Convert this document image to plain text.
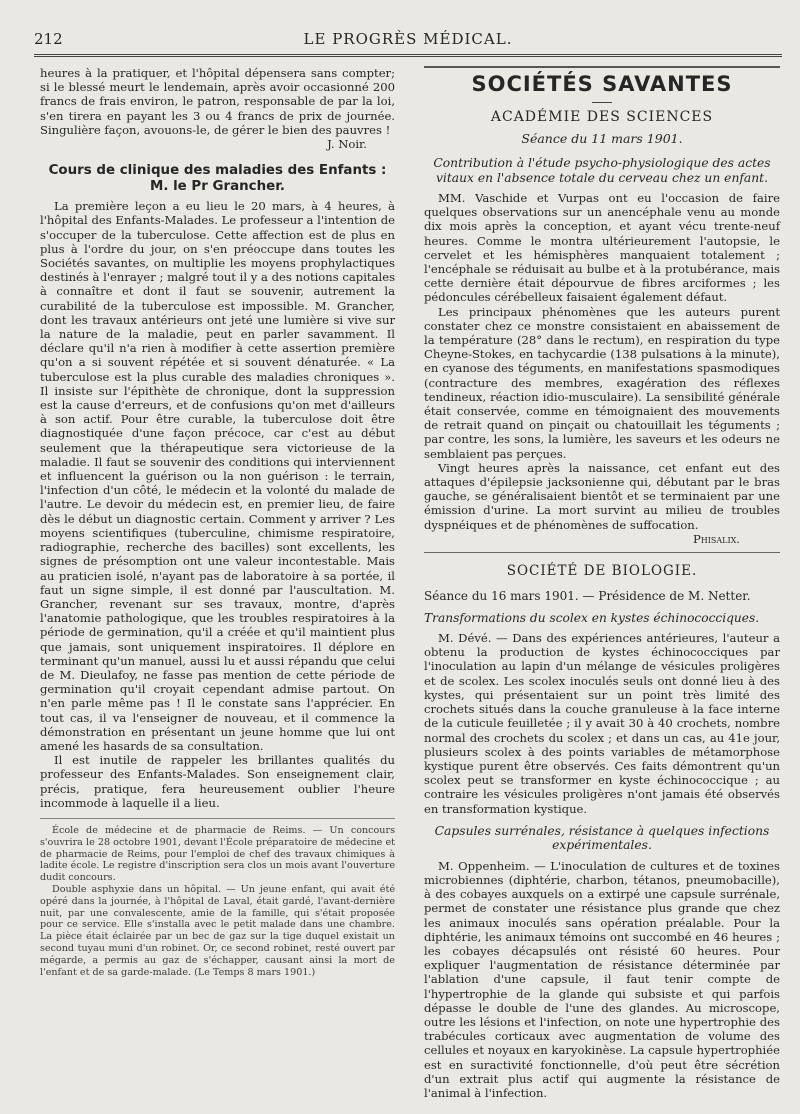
212	LE PROGRÈS MÉDICAL.

heures à la pratiquer, et l'hôpital dépensera sans compter; si le blessé meurt le lendemain, après avoir occasionné 200 francs de frais environ, le patron, responsable de par la loi, s'en tirera en payant les 3 ou 4 francs de prix de journée. Singulière façon, avouons-le, de gérer le bien des pauvres !

J. Noir.

Cours de clinique des maladies des Enfants :
M. le Pr Grancher.

La première leçon a eu lieu le 20 mars, à 4 heures, à l'hôpital des Enfants-Malades. Le professeur a l'intention de s'occuper de la tuberculose. Cette affection est de plus en plus à l'ordre du jour, on s'en préoccupe dans toutes les Sociétés savantes, on multiplie les moyens prophylactiques destinés à l'enrayer ; malgré tout il y a des notions capitales à connaître et dont il faut se souvenir, autrement la curabilité de la tuberculose est impossible. M. Grancher, dont les travaux antérieurs ont jeté une lumière si vive sur la nature de la maladie, peut en parler savamment. Il déclare qu'il n'a rien à modifier à cette assertion première qu'on a si souvent répétée et si souvent dénaturée. « La tuberculose est la plus curable des maladies chroniques ». Il insiste sur l'épithète de chronique, dont la suppression est la cause d'erreurs, et de confusions qu'on met d'ailleurs à son actif. Pour être curable, la tuberculose doit être diagnostiquée d'une façon précoce, car c'est au début seulement que la thérapeutique sera victorieuse de la maladie. Il faut se souvenir des conditions qui interviennent et influencent la guérison ou la non guérison : le terrain, l'infection d'un côté, le médecin et la volonté du malade de l'autre. Le devoir du médecin est, en premier lieu, de faire dès le début un diagnostic certain. Comment y arriver ? Les moyens scientifiques (tuberculine, chimisme respiratoire, radiographie, recherche des bacilles) sont excellents, les signes de présomption ont une valeur incontestable. Mais au praticien isolé, n'ayant pas de laboratoire à sa portée, il faut un signe simple, il est donné par l'auscultation. M. Grancher, revenant sur ses travaux, montre, d'après l'anatomie pathologique, que les troubles respiratoires à la période de germination, qu'il a créée et qu'il maintient plus que jamais, sont uniquement inspiratoires. Il déplore en terminant qu'un manuel, aussi lu et aussi répandu que celui de M. Dieulafoy, ne fasse pas mention de cette période de germination qu'il croyait cependant admise partout. On n'en parle même pas ! Il le constate sans l'apprécier. En tout cas, il va l'enseigner de nouveau, et il commence la démonstration en présentant un jeune homme que lui ont amené les hasards de sa consultation.

Il est inutile de rappeler les brillantes qualités du professeur des Enfants-Malades. Son enseignement clair, précis, pratique, fera heureusement oublier l'heure incommode à laquelle il a lieu.

École de médecine et de pharmacie de Reims. — Un concours s'ouvrira le 28 octobre 1901, devant l'École préparatoire de médecine et de pharmacie de Reims, pour l'emploi de chef des travaux chimiques à ladite école. Le registre d'inscription sera clos un mois avant l'ouverture dudit concours.

Double asphyxie dans un hôpital. — Un jeune enfant, qui avait été opéré dans la journée, à l'hôpital de Laval, était gardé, l'avant-dernière nuit, par une convalescente, amie de la famille, qui s'était proposée pour ce service. Elle s'installa avec le petit malade dans une chambre. La pièce était éclairée par un bec de gaz sur la tige duquel existait un second tuyau muni d'un robinet. Or, ce second robinet, resté ouvert par mégarde, a permis au gaz de s'échapper, causant ainsi la mort de l'enfant et de sa garde-malade. (Le Temps 8 mars 1901.)

SOCIÉTÉS SAVANTES

ACADÉMIE DES SCIENCES

Séance du 11 mars 1901.

Contribution à l'étude psycho-physiologique des actes vitaux en l'absence totale du cerveau chez un enfant.

MM. Vaschide et Vurpas ont eu l'occasion de faire quelques observations sur un anencéphale venu au monde dix mois après la conception, et ayant vécu trente-neuf heures. Comme le montra ultérieurement l'autopsie, le cervelet et les hémisphères manquaient totalement ; l'encéphale se réduisait au bulbe et à la protubérance, mais cette dernière était dépourvue de fibres arciformes ; les pédoncules cérébelleux faisaient également défaut.

Les principaux phénomènes que les auteurs purent constater chez ce monstre consistaient en abaissement de la température (28° dans le rectum), en respiration du type Cheyne-Stokes, en tachycardie (138 pulsations à la minute), en cyanose des téguments, en manifestations spasmodiques (contracture des membres, exagération des réflexes tendineux, réaction idio-musculaire). La sensibilité générale était conservée, comme en témoignaient des mouvements de retrait quand on pinçait ou chatouillait les téguments ; par contre, les sons, la lumière, les saveurs et les odeurs ne semblaient pas perçues.

Vingt heures après la naissance, cet enfant eut des attaques d'épilepsie jacksonienne qui, débutant par le bras gauche, se généralisaient bientôt et se terminaient par une émission d'urine. La mort survint au milieu de troubles dyspnéiques et de phénomènes de suffocation.

Phisalix.

SOCIÉTÉ DE BIOLOGIE.

Séance du 16 mars 1901. — Présidence de M. Netter.

Transformations du scolex en kystes échinococciques.

M. Dévé. — Dans des expériences antérieures, l'auteur a obtenu la production de kystes échinococciques par l'inoculation au lapin d'un mélange de vésicules proligères et de scolex. Les scolex inoculés seuls ont donné lieu à des kystes, qui présentaient sur un point très limité des crochets situés dans la couche granuleuse à la face interne de la cuticule feuilletée ; il y avait 30 à 40 crochets, nombre normal des crochets du scolex ; et dans un cas, au 41e jour, plusieurs scolex à des points variables de métamorphose kystique purent être observés. Ces faits démontrent qu'un scolex peut se transformer en kyste échinococcique ; au contraire les vésicules proligères n'ont jamais été observés en transformation kystique.

Capsules surrénales, résistance à quelques infections expérimentales.

M. Oppenheim. — L'inoculation de cultures et de toxines microbiennes (diphtérie, charbon, tétanos, pneumobacille), à des cobayes auxquels on a extirpé une capsule surrénale, permet de constater une résistance plus grande que chez les animaux inoculés sans opération préalable. Pour la diphtérie, les animaux témoins ont succombé en 46 heures ; les cobayes décapsulés ont résisté 60 heures. Pour expliquer l'augmentation de résistance déterminée par l'ablation d'une capsule, il faut tenir compte de l'hypertrophie de la glande qui subsiste et qui parfois dépasse le double de l'une des glandes. Au microscope, outre les lésions et l'infection, on note une hypertrophie des trabécules corticaux avec augmentation de volume des cellules et noyaux en karyokinèse. La capsule hypertrophiée est en suractivité fonctionnelle, d'où peut être sécrétion d'un extrait plus actif qui augmente la résistance de l'animal à l'infection.
